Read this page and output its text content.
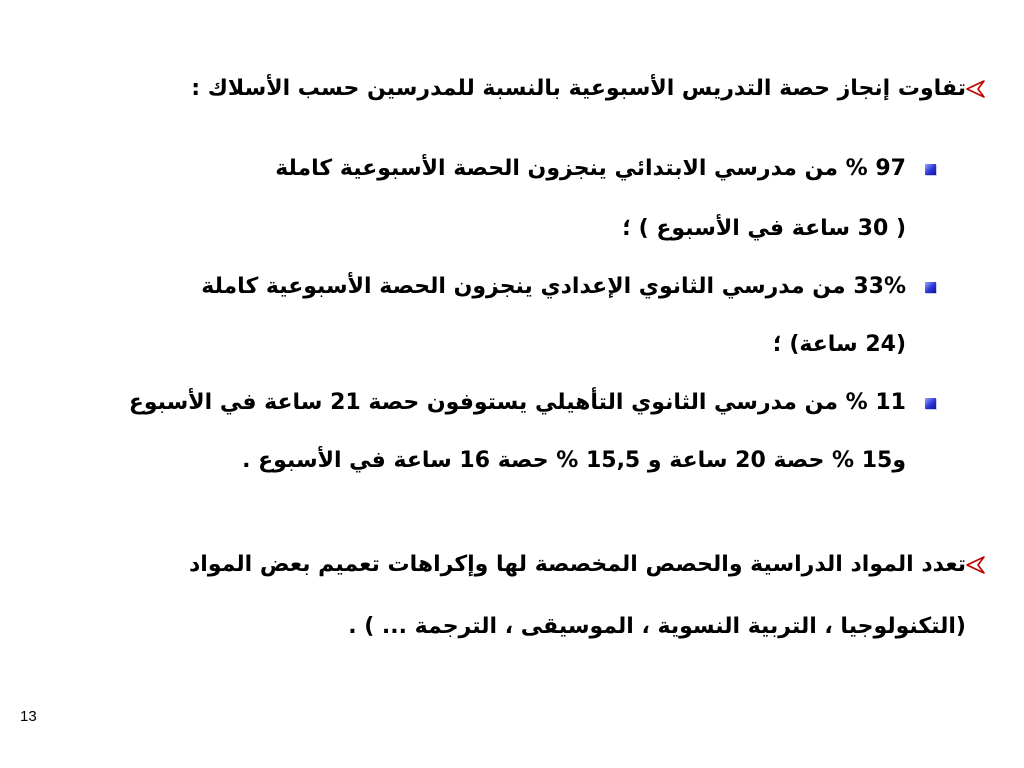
تفاوت إنجاز حصة التدريس الأسبوعية بالنسبة للمدرسين حسب الأسلاك :
97 % من مدرسي الابتدائي ينجزون الحصة الأسبوعية كاملة
( 30 ساعة في الأسبوع ) ؛
33% من مدرسي الثانوي الإعدادي ينجزون الحصة الأسبوعية كاملة
(24 ساعة) ؛
11 % من مدرسي الثانوي التأهيلي يستوفون حصة 21 ساعة في الأسبوع
و15 % حصة 20 ساعة و 15,5 % حصة 16 ساعة في الأسبوع .
تعدد المواد الدراسية والحصص المخصصة لها وإكراهات تعميم بعض المواد
(التكنولوجيا ، التربية النسوية ، الموسيقى ، الترجمة ... ) .
13
